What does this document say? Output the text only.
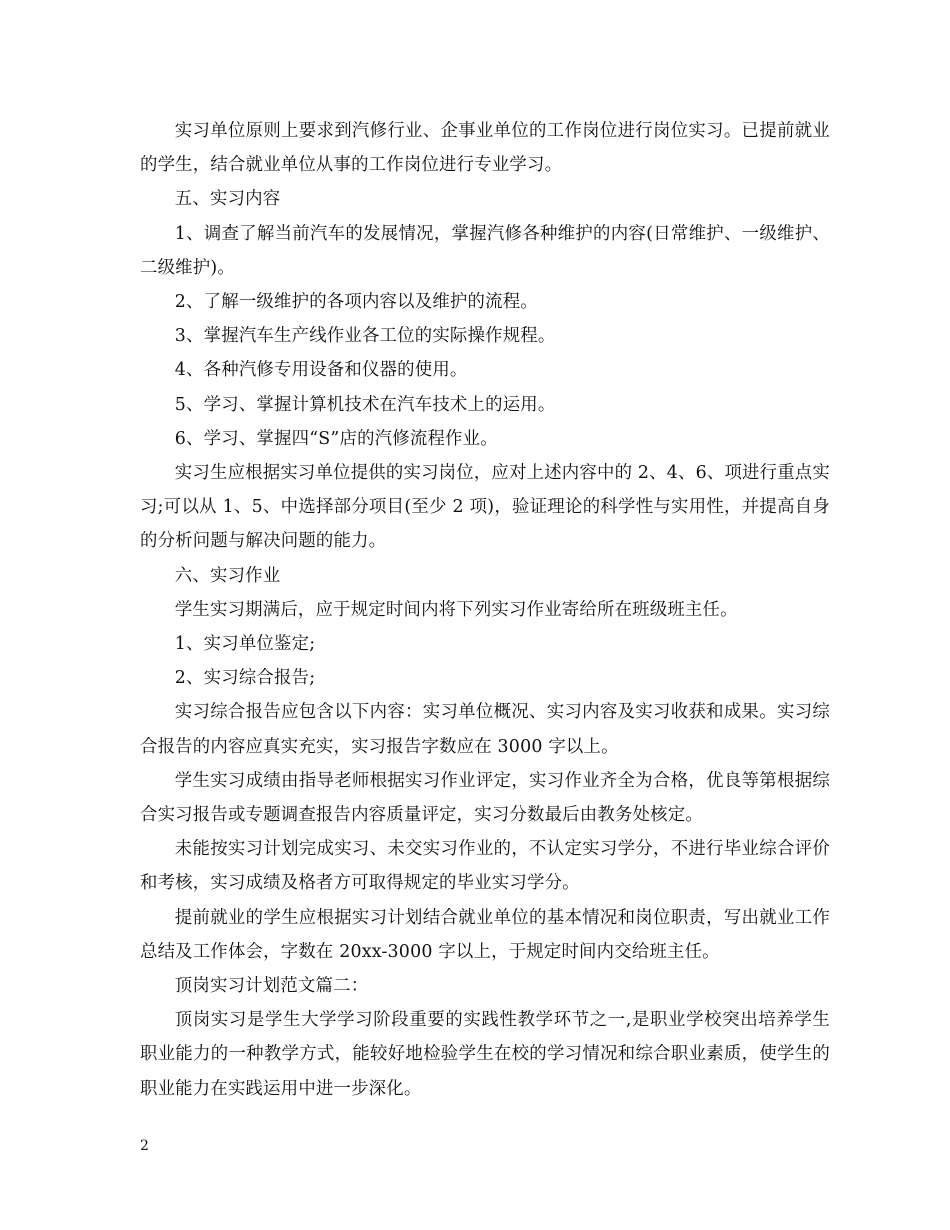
实习单位原则上要求到汽修行业、企事业单位的工作岗位进行岗位实习。已提前就业的学生，结合就业单位从事的工作岗位进行专业学习。

五、实习内容

1、调查了解当前汽车的发展情况，掌握汽修各种维护的内容(日常维护、一级维护、二级维护)。

2、了解一级维护的各项内容以及维护的流程。

3、掌握汽车生产线作业各工位的实际操作规程。

4、各种汽修专用设备和仪器的使用。

5、学习、掌握计算机技术在汽车技术上的运用。

6、学习、掌握四“S”店的汽修流程作业。

实习生应根据实习单位提供的实习岗位，应对上述内容中的 2、4、6、项进行重点实习;可以从 1、5、中选择部分项目(至少 2 项)，验证理论的科学性与实用性，并提高自身的分析问题与解决问题的能力。

六、实习作业

学生实习期满后，应于规定时间内将下列实习作业寄给所在班级班主任。

1、实习单位鉴定;

2、实习综合报告;

实习综合报告应包含以下内容：实习单位概况、实习内容及实习收获和成果。实习综合报告的内容应真实充实，实习报告字数应在 3000 字以上。

学生实习成绩由指导老师根据实习作业评定，实习作业齐全为合格，优良等第根据综合实习报告或专题调查报告内容质量评定，实习分数最后由教务处核定。

未能按实习计划完成实习、未交实习作业的，不认定实习学分，不进行毕业综合评价和考核，实习成绩及格者方可取得规定的毕业实习学分。

提前就业的学生应根据实习计划结合就业单位的基本情况和岗位职责，写出就业工作总结及工作体会，字数在 20xx-3000 字以上，于规定时间内交给班主任。

顶岗实习计划范文篇二：

顶岗实习是学生大学学习阶段重要的实践性教学环节之一,是职业学校突出培养学生职业能力的一种教学方式，能较好地检验学生在校的学习情况和综合职业素质，使学生的职业能力在实践运用中进一步深化。

2
